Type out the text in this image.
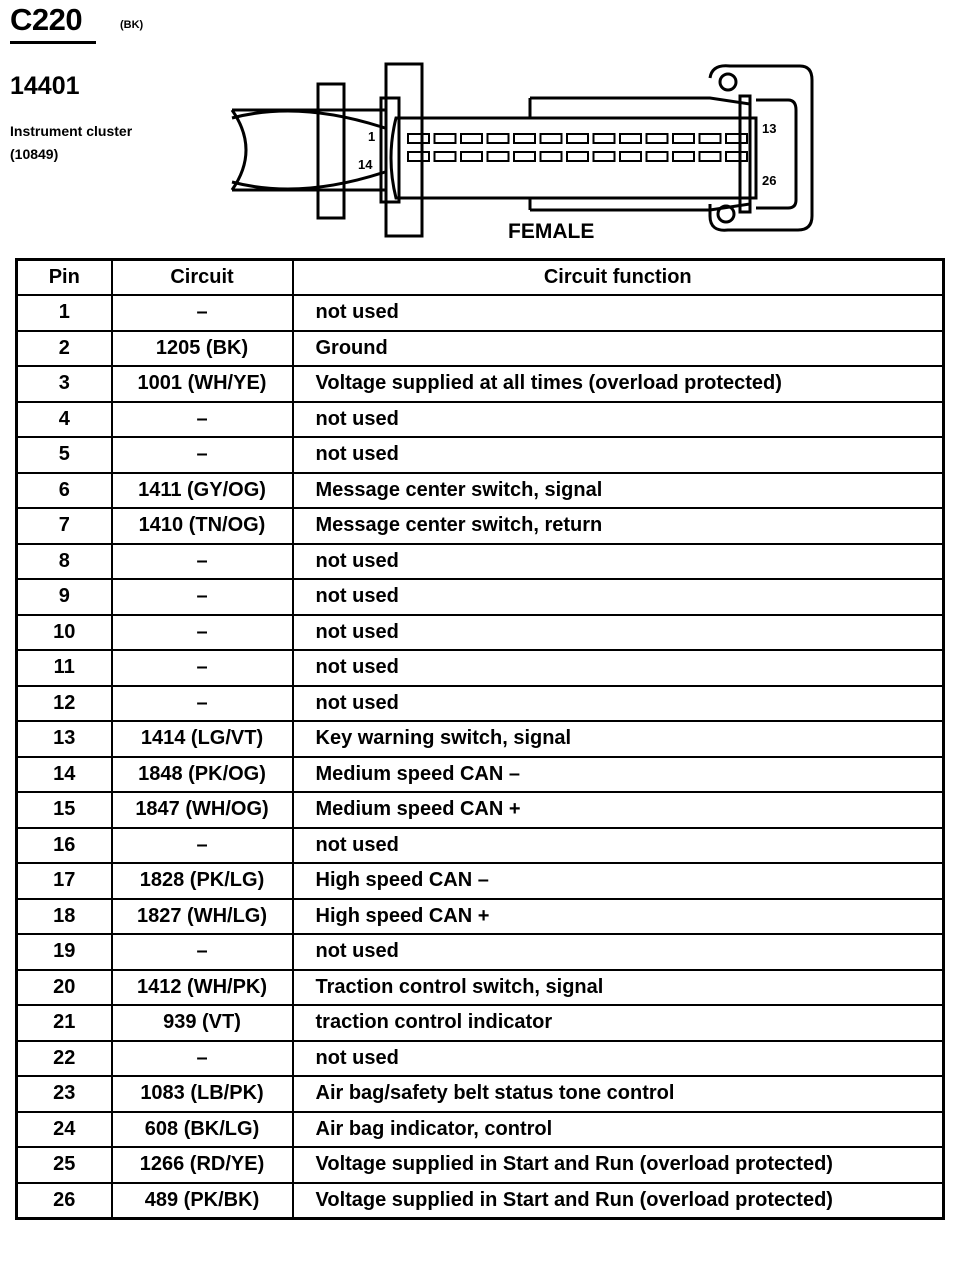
C220	(BK)
14401
Instrument cluster
(10849)
1
14
13
26
FEMALE
Pin	Circuit	Circuit function
1	–	not used
2	1205 (BK)	Ground
3	1001 (WH/YE)	Voltage supplied at all times (overload protected)
4	–	not used
5	–	not used
6	1411 (GY/OG)	Message center switch, signal
7	1410 (TN/OG)	Message center switch, return
8	–	not used
9	–	not used
10	–	not used
11	–	not used
12	–	not used
13	1414 (LG/VT)	Key warning switch, signal
14	1848 (PK/OG)	Medium speed CAN –
15	1847 (WH/OG)	Medium speed CAN +
16	–	not used
17	1828 (PK/LG)	High speed CAN –
18	1827 (WH/LG)	High speed CAN +
19	–	not used
20	1412 (WH/PK)	Traction control switch, signal
21	939 (VT)	traction control indicator
22	–	not used
23	1083 (LB/PK)	Air bag/safety belt status tone control
24	608 (BK/LG)	Air bag indicator, control
25	1266 (RD/YE)	Voltage supplied in Start and Run (overload protected)
26	489 (PK/BK)	Voltage supplied in Start and Run (overload protected)
